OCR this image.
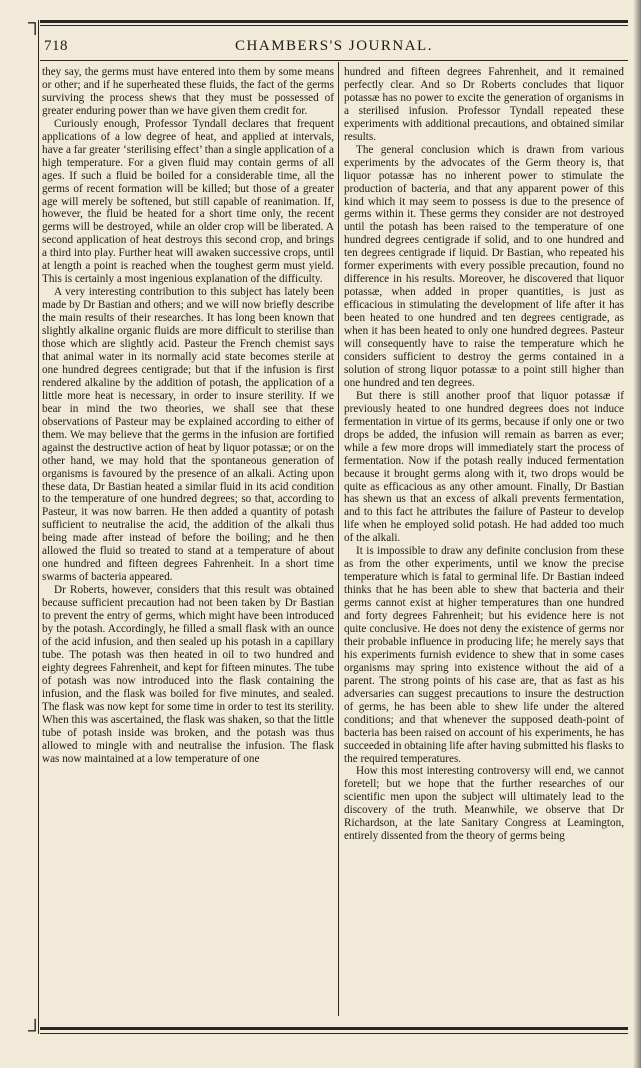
┐
┘
718	CHAMBERS'S JOURNAL.

they say, the germs must have entered into them by some means or other; and if he superheated these fluids, the fact of the germs surviving the process shews that they must be possessed of greater enduring power than we have given them credit for.

Curiously enough, Professor Tyndall declares that frequent applications of a low degree of heat, and applied at intervals, have a far greater ‘sterilising effect’ than a single application of a high temperature. For a given fluid may contain germs of all ages. If such a fluid be boiled for a considerable time, all the germs of recent formation will be killed; but those of a greater age will merely be softened, but still capable of reanimation. If, however, the fluid be heated for a short time only, the recent germs will be destroyed, while an older crop will be liberated. A second application of heat destroys this second crop, and brings a third into play. Further heat will awaken successive crops, until at length a point is reached when the toughest germ must yield. This is certainly a most ingenious explanation of the difficulty.

A very interesting contribution to this subject has lately been made by Dr Bastian and others; and we will now briefly describe the main results of their researches. It has long been known that slightly alkaline organic fluids are more difficult to sterilise than those which are slightly acid. Pasteur the French chemist says that animal water in its normally acid state becomes sterile at one hundred degrees centigrade; but that if the infusion is first rendered alkaline by the addition of potash, the application of a little more heat is necessary, in order to insure sterility. If we bear in mind the two theories, we shall see that these observations of Pasteur may be explained according to either of them. We may believe that the germs in the infusion are fortified against the destructive action of heat by liquor potassæ; or on the other hand, we may hold that the spontaneous generation of organisms is favoured by the presence of an alkali. Acting upon these data, Dr Bastian heated a similar fluid in its acid condition to the temperature of one hundred degrees; so that, according to Pasteur, it was now barren. He then added a quantity of potash sufficient to neutralise the acid, the addition of the alkali thus being made after instead of before the boiling; and he then allowed the fluid so treated to stand at a temperature of about one hundred and fifteen degrees Fahrenheit. In a short time swarms of bacteria appeared.

Dr Roberts, however, considers that this result was obtained because sufficient precaution had not been taken by Dr Bastian to prevent the entry of germs, which might have been introduced by the potash. Accordingly, he filled a small flask with an ounce of the acid infusion, and then sealed up his potash in a capillary tube. The potash was then heated in oil to two hundred and eighty degrees Fahrenheit, and kept for fifteen minutes. The tube of potash was now introduced into the flask containing the infusion, and the flask was boiled for five minutes, and sealed. The flask was now kept for some time in order to test its sterility. When this was ascertained, the flask was shaken, so that the little tube of potash inside was broken, and the potash was thus allowed to mingle with and neutralise the infusion. The flask was now maintained at a low temperature of one

hundred and fifteen degrees Fahrenheit, and it remained perfectly clear. And so Dr Roberts concludes that liquor potassæ has no power to excite the generation of organisms in a sterilised infusion. Professor Tyndall repeated these experiments with additional precautions, and obtained similar results.

The general conclusion which is drawn from various experiments by the advocates of the Germ theory is, that liquor potassæ has no inherent power to stimulate the production of bacteria, and that any apparent power of this kind which it may seem to possess is due to the presence of germs within it. These germs they consider are not destroyed until the potash has been raised to the temperature of one hundred degrees centigrade if solid, and to one hundred and ten degrees centigrade if liquid. Dr Bastian, who repeated his former experiments with every possible precaution, found no difference in his results. Moreover, he discovered that liquor potassæ, when added in proper quantities, is just as efficacious in stimulating the development of life after it has been heated to one hundred and ten degrees centigrade, as when it has been heated to only one hundred degrees. Pasteur will consequently have to raise the temperature which he considers sufficient to destroy the germs contained in a solution of strong liquor potassæ to a point still higher than one hundred and ten degrees.

But there is still another proof that liquor potassæ if previously heated to one hundred degrees does not induce fermentation in virtue of its germs, because if only one or two drops be added, the infusion will remain as barren as ever; while a few more drops will immediately start the process of fermentation. Now if the potash really induced fermentation because it brought germs along with it, two drops would be quite as efficacious as any other amount. Finally, Dr Bastian has shewn us that an excess of alkali prevents fermentation, and to this fact he attributes the failure of Pasteur to develop life when he employed solid potash. He had added too much of the alkali.

It is impossible to draw any definite conclusion from these as from the other experiments, until we know the precise temperature which is fatal to germinal life. Dr Bastian indeed thinks that he has been able to shew that bacteria and their germs cannot exist at higher temperatures than one hundred and forty degrees Fahrenheit; but his evidence here is not quite conclusive. He does not deny the existence of germs nor their probable influence in producing life; he merely says that his experiments furnish evidence to shew that in some cases organisms may spring into existence without the aid of a parent. The strong points of his case are, that as fast as his adversaries can suggest precautions to insure the destruction of germs, he has been able to shew life under the altered conditions; and that whenever the supposed death-point of bacteria has been raised on account of his experiments, he has succeeded in obtaining life after having submitted his flasks to the required temperatures.

How this most interesting controversy will end, we cannot foretell; but we hope that the further researches of our scientific men upon the subject will ultimately lead to the discovery of the truth. Meanwhile, we observe that Dr Richardson, at the late Sanitary Congress at Leamington, entirely dissented from the theory of germs being
